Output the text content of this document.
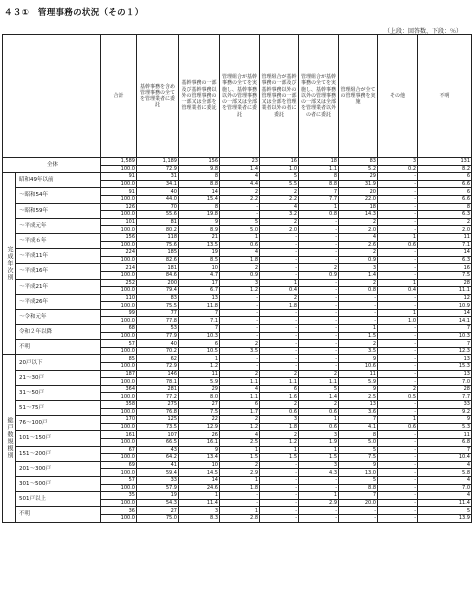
４３①　管理事務の状況（その１）
（上段：回答数、下段：％）

		合計	基幹事務を含め管理事務の全てを管理業者に委託	基幹事務の一部及び基幹事務以外の管理事務の一部又は全部を管理業者に委託	管理組合が基幹事務の全てを実施し、基幹事務以外の管理事務の一部又は全部を管理業者に委託	管理組合が基幹事務の一部及び基幹事務以外の管理事務の一部又は全部を管理業者以外の者に委託	管理組合が基幹事務の全てを実施し、基幹事務以外の管理事務の一部又は全部を管理業者以外の者に委託	管理組合が全ての管理事務を実施	その他	不明

全体		1,589	1,189	156	23	16	18	83	3	131
		100.0	72.9	9.8	1.4	1.0	1.1	5.2	0.2	8.2

完成年次別	昭和49年以前	91	31	8	4	5	8	29	-	6
		100.0	34.1	8.8	4.4	5.5	8.8	31.9	-	6.6
	～昭和54年	91	40	14	2	2	7	20	-	6
		100.0	44.0	15.4	2.2	2.2	7.7	22.0	-	6.6
	～昭和59年	126	70	8	-	4	1	18	-	8
		100.0	55.6	19.8	-	3.2	0.8	14.3	-	6.3
	～平成元年	101	81	9	5	2	-	2	-	2
		100.0	80.2	8.9	5.0	2.0	-	2.0	-	2.0
	～平成６年	156	118	21	1	-	-	4	1	11
		100.0	75.6	13.5	0.6	-	-	2.6	0.6	7.1
	～平成11年	224	185	19	4	-	-	2	-	14
		100.0	82.6	8.5	1.8	-	-	0.9	-	6.3
	～平成16年	214	181	10	2	-	2	3	-	16
		100.0	84.6	4.7	0.9	-	0.9	1.4	-	7.5
	～平成21年	252	200	17	3	1	-	2	1	28
		100.0	79.4	6.7	1.2	0.4	-	0.8	0.4	11.1
	～平成26年	110	83	13	-	2	-	-	-	12
		100.0	75.5	11.8	-	1.8	-	-	-	10.9
	～令和元年	99	77	7	-	-	-	-	1	14
		100.0	77.8	7.1	-	-	-	-	1.0	14.1
	令和２年以降	68	53	7	-	-	-	1	-	7
		100.0	77.9	10.3	-	-	-	1.5	-	10.3
	不明	57	40	6	2	-	-	2	-	7
		100.0	70.2	10.5	3.5	-	-	3.5	-	12.3

総戸数規模別	20戸以下	85	62	1	-	-	-	9	-	13
		100.0	72.9	1.2	-	-	-	10.6	-	15.3
	21～30戸	187	146	11	2	2	2	11	-	13
		100.0	78.1	5.9	1.1	1.1	1.1	5.9	-	7.0
	31～50戸	364	281	29	4	6	5	9	2	28
		100.0	77.2	8.0	1.1	1.6	1.4	2.5	0.5	7.7
	51～75戸	358	275	27	6	2	2	13	-	33
		100.0	76.8	7.5	1.7	0.6	0.6	3.6	-	9.2
	76～100戸	170	125	22	2	3	1	7	1	9
		100.0	73.5	12.9	1.2	1.8	0.6	4.1	0.6	5.3
	101～150戸	161	107	26	4	2	3	8	-	11
		100.0	66.5	16.1	2.5	1.2	1.9	5.0	-	6.8
	151～200戸	67	43	9	1	1	1	5	-	7
		100.0	64.2	13.4	1.5	1.5	1.5	7.5	-	10.4
	201～300戸	69	41	10	2	-	3	9	-	4
		100.0	59.4	14.5	2.9	-	4.3	13.0	-	5.8
	301～500戸	57	33	14	1	-	-	5	-	4
		100.0	57.9	24.6	1.8	-	-	8.8	-	7.0
	501戸以上	35	19	1	-	-	1	7	-	4
		100.0	54.3	11.4	-	-	2.9	20.0	-	11.4
	不明	36	27	3	1	-	-	-	-	5
		100.0	75.0	8.3	2.8	-	-	-	-	13.9
